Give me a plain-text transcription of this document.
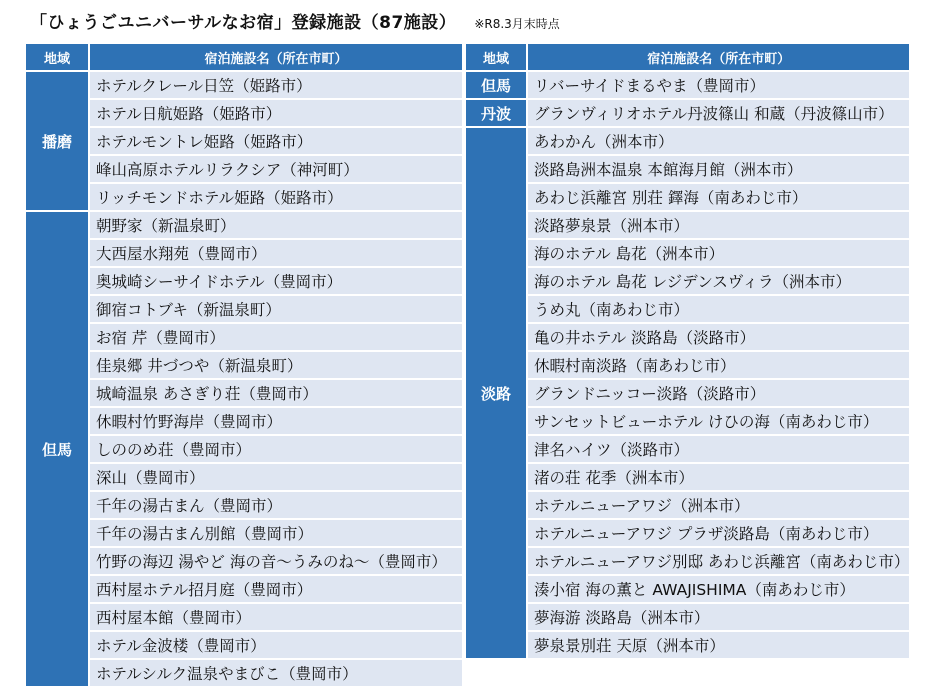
「ひょうごユニバーサルなお宿」登録施設（87施設） ※R8.3月末時点
地域	宿泊施設名（所在市町）
播磨	ホテルクレール日笠（姫路市）
	ホテル日航姫路（姫路市）
	ホテルモントレ姫路（姫路市）
	峰山高原ホテルリラクシア（神河町）
	リッチモンドホテル姫路（姫路市）
但馬	朝野家（新温泉町）
	大西屋水翔苑（豊岡市）
	奥城崎シーサイドホテル（豊岡市）
	御宿コトブキ（新温泉町）
	お宿 芹（豊岡市）
	佳泉郷 井づつや（新温泉町）
	城崎温泉 あさぎり荘（豊岡市）
	休暇村竹野海岸（豊岡市）
	しののめ荘（豊岡市）
	深山（豊岡市）
	千年の湯古まん（豊岡市）
	千年の湯古まん別館（豊岡市）
	竹野の海辺 湯やど 海の音～うみのね～（豊岡市）
	西村屋ホテル招月庭（豊岡市）
	西村屋本館（豊岡市）
	ホテル金波楼（豊岡市）
	ホテルシルク温泉やまびこ（豊岡市）
地域	宿泊施設名（所在市町）
但馬	リバーサイドまるやま（豊岡市）
丹波	グランヴィリオホテル丹波篠山 和蔵（丹波篠山市）
淡路	あわかん（洲本市）
	淡路島洲本温泉 本館海月館（洲本市）
	あわじ浜離宮 別荘 鐸海（南あわじ市）
	淡路夢泉景（洲本市）
	海のホテル 島花（洲本市）
	海のホテル 島花 レジデンスヴィラ（洲本市）
	うめ丸（南あわじ市）
	亀の井ホテル 淡路島（淡路市）
	休暇村南淡路（南あわじ市）
	グランドニッコー淡路（淡路市）
	サンセットビューホテル けひの海（南あわじ市）
	津名ハイツ（淡路市）
	渚の荘 花季（洲本市）
	ホテルニューアワジ（洲本市）
	ホテルニューアワジ プラザ淡路島（南あわじ市）
	ホテルニューアワジ別邸 あわじ浜離宮（南あわじ市）
	湊小宿 海の薫と AWAJISHIMA（南あわじ市）
	夢海游 淡路島（洲本市）
	夢泉景別荘 天原（洲本市）
